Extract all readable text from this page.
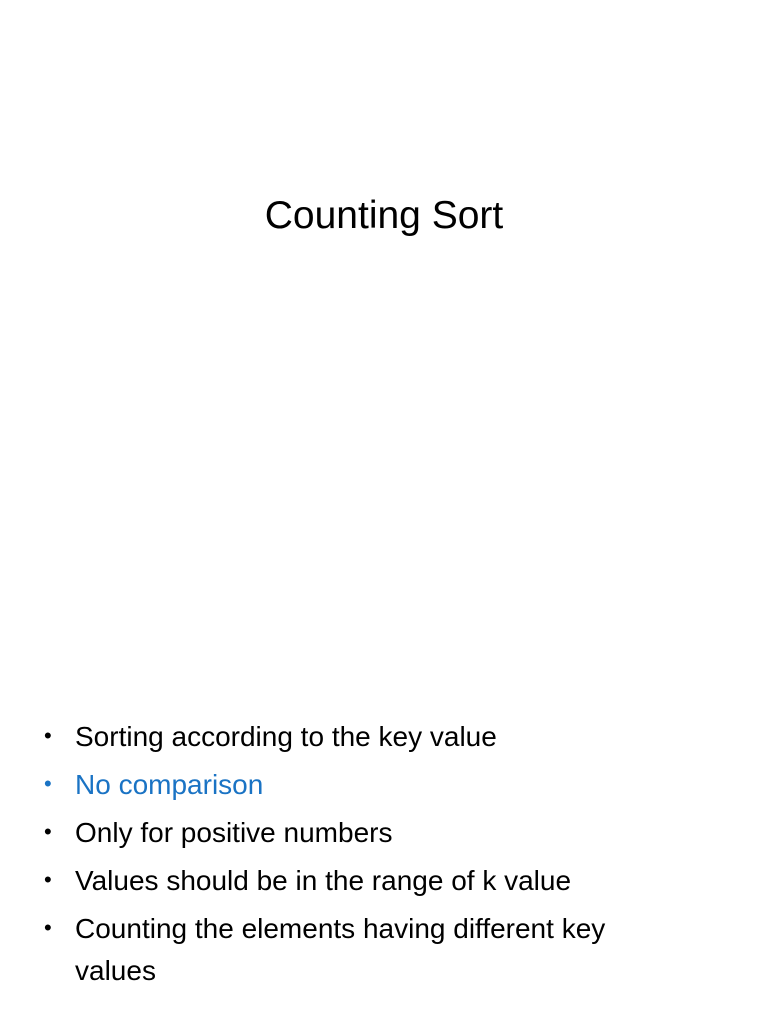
Counting Sort
• Sorting according to the key value
• No comparison
• Only for positive numbers
• Values should be in the range of k value
• Counting the elements having different key
values
